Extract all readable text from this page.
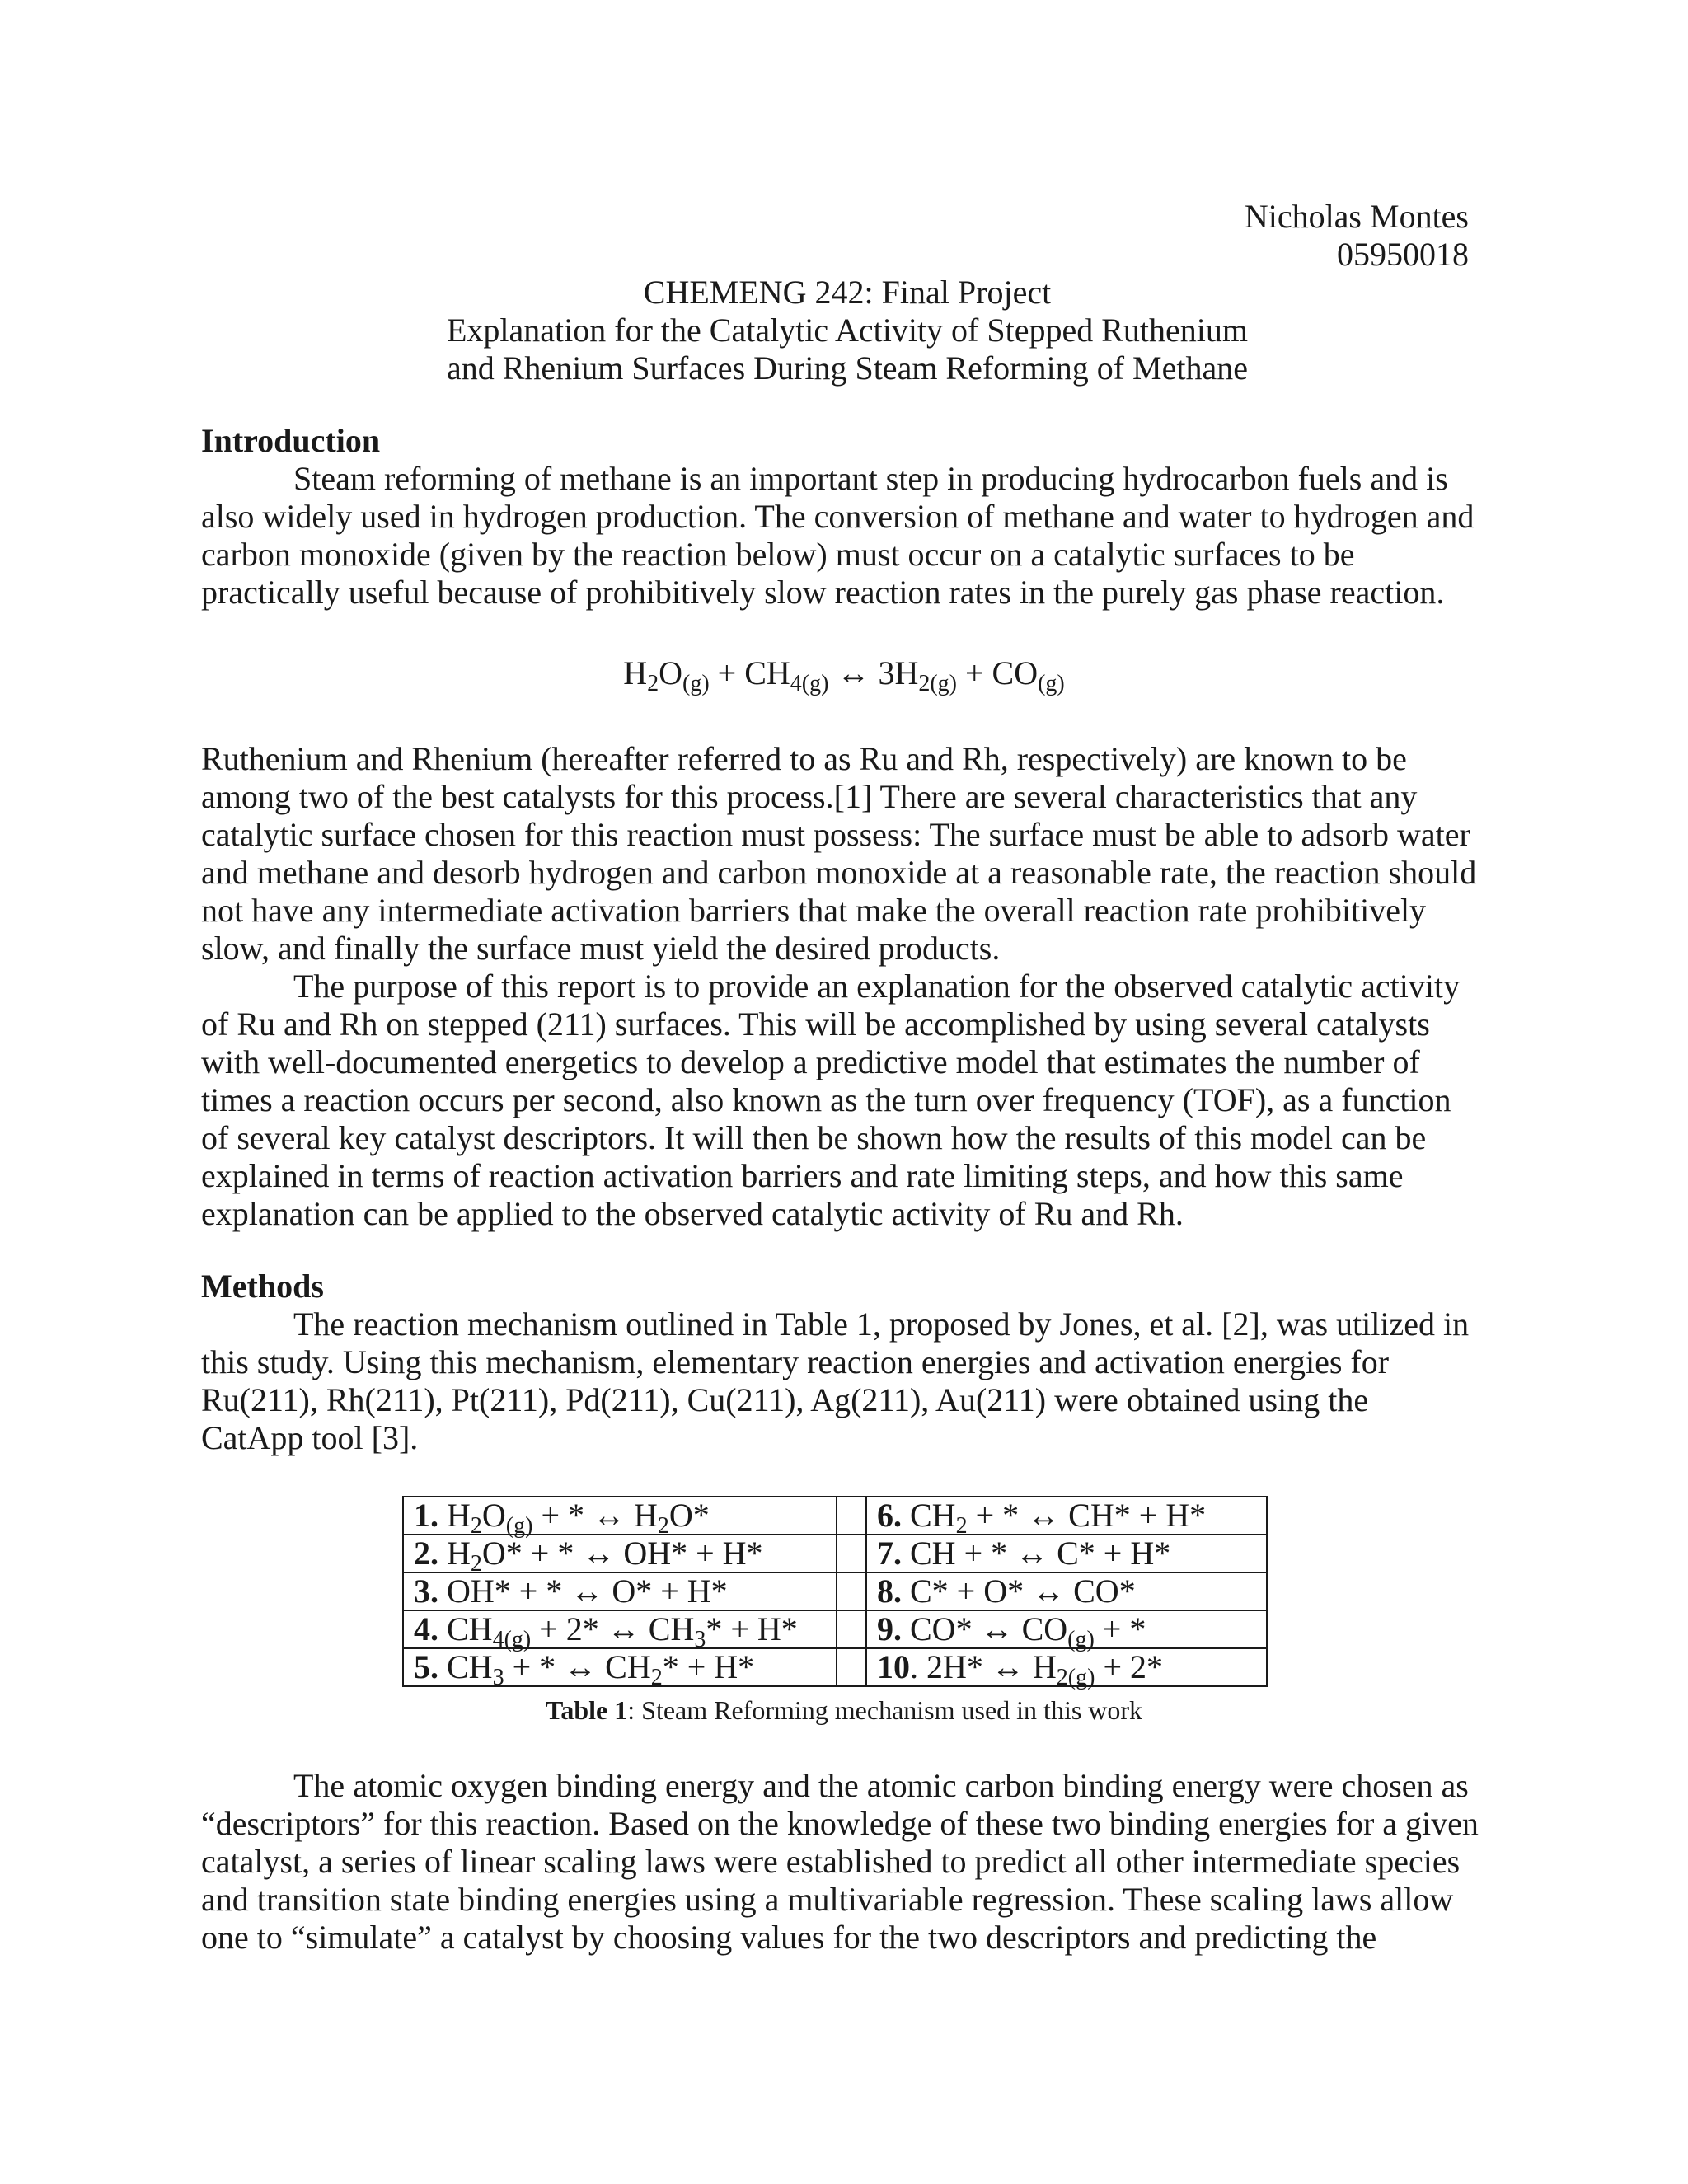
Nicholas Montes
05950018
CHEMENG 242: Final Project
Explanation for the Catalytic Activity of Stepped Ruthenium
and Rhenium Surfaces During Steam Reforming of Methane
Introduction
Steam reforming of methane is an important step in producing hydrocarbon fuels and is
also widely used in hydrogen production. The conversion of methane and water to hydrogen and
carbon monoxide (given by the reaction below) must occur on a catalytic surfaces to be
practically useful because of prohibitively slow reaction rates in the purely gas phase reaction.
$H_2O_{(g)} + CH_{4(g)}$ ↔ $3H_{2(g)} + CO_{(g)}$
Ruthenium and Rhenium (hereafter referred to as Ru and Rh, respectively) are known to be
among two of the best catalysts for this process.[1] There are several characteristics that any
catalytic surface chosen for this reaction must possess: The surface must be able to adsorb water
and methane and desorb hydrogen and carbon monoxide at a reasonable rate, the reaction should
not have any intermediate activation barriers that make the overall reaction rate prohibitively
slow, and finally the surface must yield the desired products.
The purpose of this report is to provide an explanation for the observed catalytic activity
of Ru and Rh on stepped (211) surfaces. This will be accomplished by using several catalysts
with well-documented energetics to develop a predictive model that estimates the number of
times a reaction occurs per second, also known as the turn over frequency (TOF), as a function
of several key catalyst descriptors. It will then be shown how the results of this model can be
explained in terms of reaction activation barriers and rate limiting steps, and how this same
explanation can be applied to the observed catalytic activity of Ru and Rh.
Methods
The reaction mechanism outlined in Table 1, proposed by Jones, et al. [2], was utilized in
this study. Using this mechanism, elementary reaction energies and activation energies for
Ru(211), Rh(211), Pt(211), Pd(211), Cu(211), Ag(211), Au(211) were obtained using the
CatApp tool [3].
1. $H_2O_{(g)}$ + * ↔ $H_2O*$		6. $CH_2$ + * ↔ CH* + H*
2. $H_2O*$ + * ↔ OH* + H*		7. CH + * ↔ C* + H*
3. OH* + * ↔ O* + H*		8. C* + O* ↔ CO*
4. $CH_{4(g)} + 2*$ ↔ $CH_3* + H*$		9. CO* ↔ $CO_{(g)}$ + *
5. $CH_3$ + * ↔ $CH_2* + H*$		10. 2H* ↔ $H_{2(g)} + 2*$
Table 1: Steam Reforming mechanism used in this work
The atomic oxygen binding energy and the atomic carbon binding energy were chosen as
“descriptors” for this reaction. Based on the knowledge of these two binding energies for a given
catalyst, a series of linear scaling laws were established to predict all other intermediate species
and transition state binding energies using a multivariable regression. These scaling laws allow
one to “simulate” a catalyst by choosing values for the two descriptors and predicting the
